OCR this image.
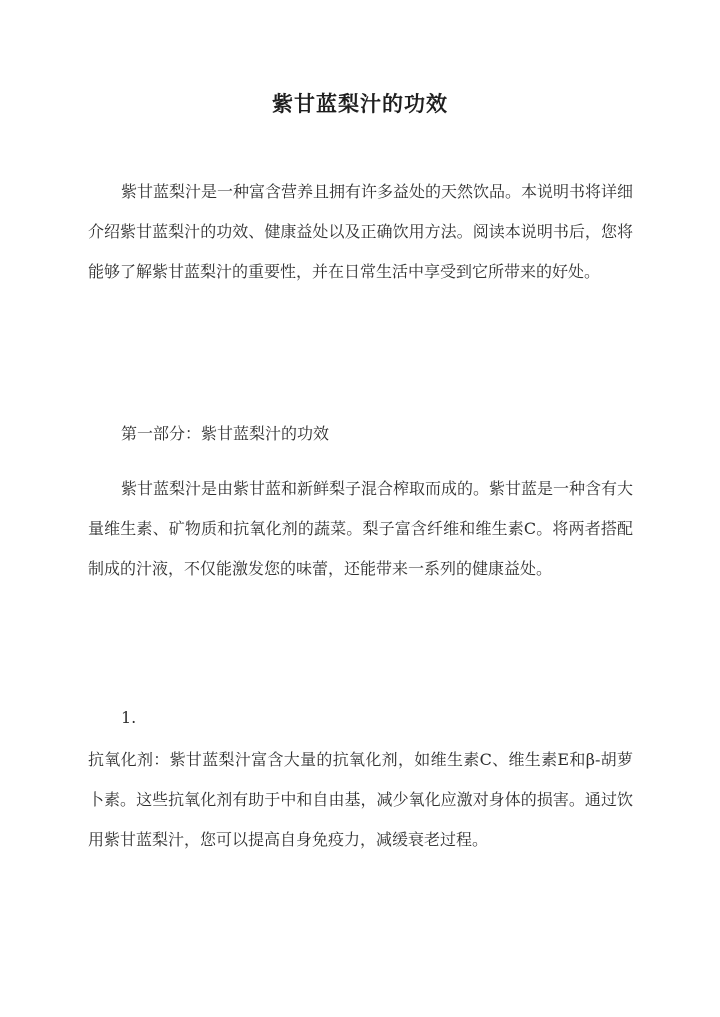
紫甘蓝梨汁的功效

紫甘蓝梨汁是一种富含营养且拥有许多益处的天然饮品。本说明书将详细介绍紫甘蓝梨汁的功效、健康益处以及正确饮用方法。阅读本说明书后，您将能够了解紫甘蓝梨汁的重要性，并在日常生活中享受到它所带来的好处。

第一部分：紫甘蓝梨汁的功效

紫甘蓝梨汁是由紫甘蓝和新鲜梨子混合榨取而成的。紫甘蓝是一种含有大量维生素、矿物质和抗氧化剂的蔬菜。梨子富含纤维和维生素C。将两者搭配制成的汁液，不仅能激发您的味蕾，还能带来一系列的健康益处。

1.

抗氧化剂：紫甘蓝梨汁富含大量的抗氧化剂，如维生素C、维生素E和β-胡萝卜素。这些抗氧化剂有助于中和自由基，减少氧化应激对身体的损害。通过饮用紫甘蓝梨汁，您可以提高自身免疫力，减缓衰老过程。
